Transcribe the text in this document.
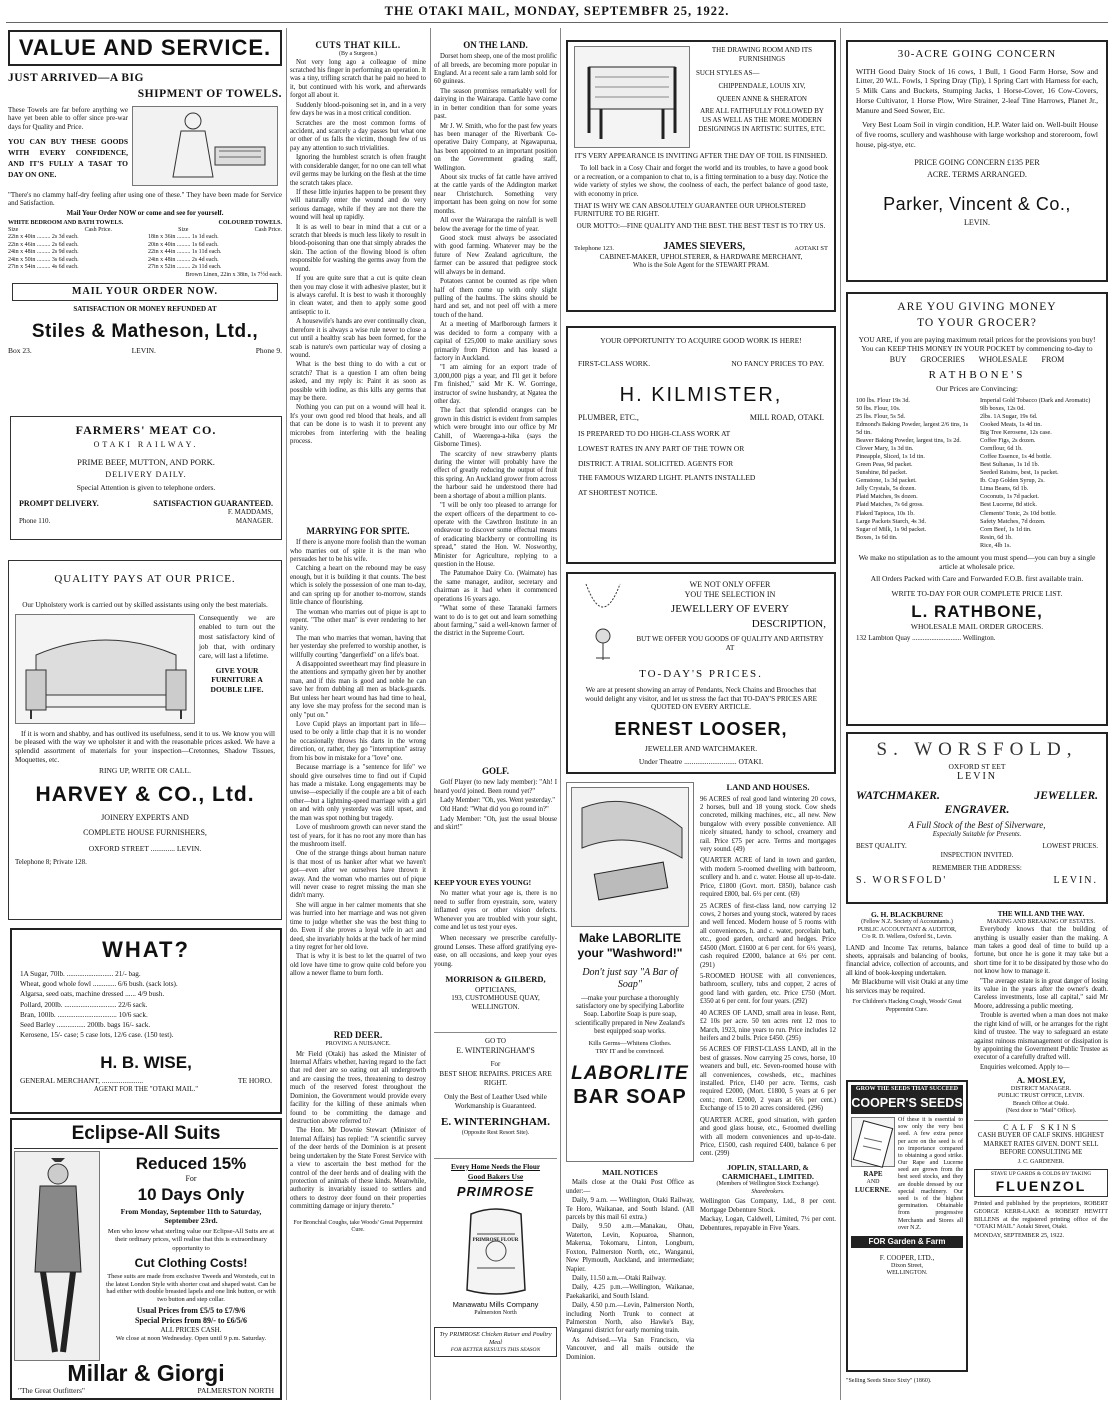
THE OTAKI MAIL, MONDAY, SEPTEMBFR 25, 1922.
VALUE AND SERVICE.
JUST ARRIVED—A BIG
SHIPMENT OF TOWELS.

These Towels are far before anything we have yet been able to offer since pre-war days for Quality and Price.

YOU CAN BUY THESE GOODS WITH EVERY CONFIDENCE, AND IT'S FULLY A TASAT TO DAY ON ONE.

"There's no clammy half-dry feeling after using one of these." They have been made for Service and Satisfaction.

Mail Your Order NOW or come and see for yourself.

WHITE BEDROOM AND BATH TOWELS.	COLOURED TOWELS.
Size	Cash Price.	Size	Cash Price.
22in x 40in ......... 2s 3d each.
22in x 46in ......... 2s 6d each.
24in x 48in ......... 2s 9d each.
24in x 50in ......... 3s 6d each.
27in x 54in ......... 4s 6d each.
18in x 36in ......... 1s 1d each.
20in x 40in ......... 1s 6d each.
22in x 44in ......... 1s 11d each.
24in x 48in ......... 2s 4d each.
27in x 52in ......... 2s 11d each.
Brown Linen, 22in x 38in, 1s 7½d each.
MAIL YOUR ORDER NOW.
SATISFACTION OR MONEY REFUNDED AT
Stiles & Matheson, Ltd.,
Box 23.	LEVIN.	Phone 9.
FARMERS' MEAT CO.
OTAKI RAILWAY.
PRIME BEEF, MUTTON, AND PORK.
DELIVERY DAILY.
Special Attention is given to telephone orders.
PROMPT DELIVERY.	SATISFACTION GUARANTEED.
F. MADDAMS,
Phone 110.	MANAGER.
QUALITY PAYS AT OUR PRICE.

Our Upholstery work is carried out by skilled assistants using only the best materials.

Consequently we are enabled to turn out the most satisfactory kind of job that, with ordinary care, will last a lifetime.

GIVE YOUR FURNITURE A DOUBLE LIFE.

If it is worn and shabby, and has outlived its usefulness, send it to us. We know you will be pleased with the way we upholster it and with the reasonable prices asked. We have a splendid assortment of materials for your inspection—Cretonnes, Shadow Tissues, Moquettes, etc.

RING UP, WRITE OR CALL.
HARVEY & CO., Ltd.
JOINERY EXPERTS AND
COMPLETE HOUSE FURNISHERS,
OXFORD STREET ............. LEVIN.
Telephone 8; Private 128.
WHAT?
1A Sugar, 70lb. .......................... 21/- bag.
Wheat, good whole fowl ............. 6/6 bush. (sack lots).
Algarsa, seed oats, machine dressed ...... 4/9 bush.
Pollard, 200lb. ............................. 22/6 sack.
Bran, 100lb. ................................. 10/6 sack.
Seed Barley ................ 200lb. bags 16/- sack.
Kerosene, 15/- case; 5 case lots, 12/6 case. (150 test).
H. B. WISE,
GENERAL MERCHANT, ......................	TE HORO.
AGENT FOR THE "OTAKI MAIL."
Eclipse-All Suits
Reduced 15%
For
10 Days Only
From Monday, September 11th to Saturday, September 23rd.

Men who know what sterling value our Eclipse-All Suits are at their ordinary prices, will realise that this is extraordinary opportunity to

Cut Clothing Costs!

These suits are made from exclusive Tweeds and Worsteds, cut in the latest London Style with shorter coat and shaped waist. Can be had either with double breasted lapels and one link button, or with two button and step collar.

Usual Prices from £5/5 to £7/9/6
Special Prices from 89/- to £6/5/6
ALL PRICES CASH.
We close at noon Wednesday. Open until 9 p.m. Saturday.
Millar & Giorgi
"The Great Outfitters"	PALMERSTON NORTH
CUTS THAT KILL.
(By a Surgeon.)

Not very long ago a colleague of mine scratched his finger in performing an operation. It was a tiny, trifling scratch that he paid no heed to it, but continued with his work, and afterwards forgot all about it.

Suddenly blood-poisoning set in, and in a very few days he was in a most critical condition.

Scratches are the most common forms of accident, and scarcely a day passes but what one or other of us falls the victim, though few of us pay any attention to such trivialities.

Ignoring the humblest scratch is often fraught with considerable danger, for no one can tell what evil germs may be lurking on the flesh at the time the scratch takes place.

If these little injuries happen to be present they will naturally enter the wound and do very serious damage, while if they are not there the wound will heal up rapidly.

It is as well to bear in mind that a cut or a scratch that bleeds is much less likely to result in blood-poisoning than one that simply abrades the skin. The action of the flowing blood is often responsible for washing the germs away from the wound.

If you are quite sure that a cut is quite clean then you may close it with adhesive plaster, but it is always careful. It is best to wash it thoroughly in clean water, and then to apply some good antiseptic to it.

A housewife's hands are ever continually clean, therefore it is always a wise rule never to close a cut until a healthy scab has been formed, for the scab is nature's own particular way of closing a wound.

What is the best thing to do with a cut or scratch? That is a question I am often being asked, and my reply is: Paint it as soon as possible with iodine, as this kills any germs that may be there.

Nothing you can put on a wound will heal it. It's your own good red blood that heals, and all that can be done is to wash it to prevent any microbes from interfering with the healing process.

MARRYING FOR SPITE.

If there is anyone more foolish than the woman who marries out of spite it is the man who persuades her to be his wife.

Catching a heart on the rebound may be easy enough, but it is building it that counts. The best which is solely the possession of one man to-day, and can spring up for another to-morrow, stands little chance of flourishing.

The woman who marries out of pique is apt to repent. "The other man" is ever rendering to her vanity.

The man who marries that woman, having that her yesterday she preferred to worship another, is willfully courting "dangerfield" on a life's boat.

A disappointed sweetheart may find pleasure in the attentions and sympathy given her by another man, and if this man is good and noble he can save her from dubbing all men as black-guards. But unless her heart wound has had time to heal, any love she may profess for the second man is only "put on."

Love Cupid plays an important part in life—used to be only a little chap that it is no wonder he occasionally throws his darts in the wrong direction, or, rather, they go "interruption" astray from his bow in mistake for a "love" one.

Because marriage is a "sentence for life" we should give ourselves time to find out if Cupid has made a mistake. Long engagements may be unwise—especially if the couple are a bit of each other—but a lightning-speed marriage with a girl on and with only yesterday was still upset, and the man was spot nothing but tragedy.

Love of mushroom growth can never stand the test of years, for it has no root any more than has the mushroom itself.

One of the strange things about human nature is that most of us hanker after what we haven't got—even after we ourselves have thrown it away. And the woman who marries out of pique will never cease to regret missing the man she didn't marry.

She will argue in her calmer moments that she was hurried into her marriage and was not given time to judge whether she was the best thing to do. Even if she proves a loyal wife in act and deed, she invariably holds at the back of her mind a tiny regret for her old love.

That is why it is best to let the quarrel of two old love have time to grow quite cold before you allow a newer flame to burn forth.

RED DEER.
PROVING A NUISANCE.

Mr Field (Otaki) has asked the Minister of Internal Affairs whether, having regard to the fact that red deer are so eating out all undergrowth and are causing the trees, threatening to destroy much of the reserved forest throughout the Dominion, the Government would provide every facility for the killing of these animals when found to be committing the damage and destruction above referred to?

The Hon. Mr Downie Stewart (Minister of Internal Affairs) has replied: "A scientific survey of the deer herds of the Dominion is at present being undertaken by the State Forest Service with a view to ascertain the best method for the control of the deer herds and of dealing with the protection of animals of these kinds. Meanwhile, authority is invariably issued to settlers and others to destroy deer found on their properties committing damage or injury thereto."

For Bronchial Coughs, take Woods' Great Peppermint Cure.
ON THE LAND.

Dorset horn sheep, one of the most prolific of all breeds, are becoming more popular in England. At a recent sale a ram lamb sold for 60 guineas.

The season promises remarkably well for dairying in the Wairarapa. Cattle have come in in better condition than for some years past.

Mr J. W. Smith, who for the past few years has been manager of the Riverbank Co-operative Dairy Company, at Ngawapurua, has been appointed to an important position on the Government grading staff, Wellington.

About six trucks of fat cattle have arrived at the cattle yards of the Addington market near Christchurch. Something very important has been going on now for some months.

All over the Wairarapa the rainfall is well below the average for the time of year.

Good stock must always be associated with good farming. Whatever may be the future of New Zealand agriculture, the farmer can be assured that pedigree stock will always be in demand.

Potatoes cannot be counted as ripe when half of them come up with only slight pulling of the haulms. The skins should be hard and set, and not peel off with a mere touch of the hand.

At a meeting of Marlborough farmers it was decided to form a company with a capital of £25,000 to make auxiliary sows primarily from Picton and has leased a factory in Auckland.

"I am aiming for an export trade of 3,000,000 pigs a year, and I'll get it before I'm finished," said Mr K. W. Gorringe, instructor of swine husbandry, at Ngatea the other day.

The fact that splendid oranges can be grown in this district is evident from samples which were brought into our office by Mr Cahill, of Waerenga-a-hika (says the Gisborne Times).

The scarcity of new strawberry plants during the winter will probably have the effect of greatly reducing the output of fruit this spring. An Auckland grower from across the harbour said he understood there had been a shortage of about a million plants.

"I will be only too pleased to arrange for the expert officers of the department to co-operate with the Cawthron Institute in an endeavour to discover some effectual means of eradicating blackberry or controlling its spread," stated the Hon. W. Nosworthy, Minister for Agriculture, replying to a question in the House.

The Patumahoe Dairy Co. (Waimate) has the same manager, auditor, secretary and chairman as it had when it commenced operations 16 years ago.

"What some of these Taranaki farmers want to do is to get out and learn something about farming," said a well-known farmer of the district in the Supreme Court.

GOLF.

Golf Player (to new lady member): "Ah! I heard you'd joined. Been round yet?"

Lady Member: "Oh, yes. Went yesterday."

Old Hand: "What did you go round in?"

Lady Member: "Oh, just the usual blouse and skirt!"

KEEP YOUR EYES YOUNG!

No matter what your age is, there is no need to suffer from eyestrain, sore, watery inflamed eyes or other vision defects. Whenever you are troubled with your sight, come and let us test your eyes.

When necessary we prescribe carefully-ground Lenses. These afford gratifying eye-ease, on all occasions, and keep your eyes young.

MORRISON & GILBERD,
OPTICIANS,
193, CUSTOMHOUSE QUAY,
WELLINGTON.
GO TO
E. WINTERINGHAM'S
For
BEST SHOE REPAIRS. PRICES ARE RIGHT.
Only the Best of Leather Used while Workmanship is Guaranteed.
E. WINTERINGHAM.
(Opposite Rest Resort Site).
Every Home Needs the Flour
Good Bakers Use
PRIMROSE
PRIMROSE FLOUR
Manawatu Mills Company
Palmerston North
Try PRIMROSE Chicken Raiser and Poultry Meal
FOR BETTER RESULTS THIS SEASON
THE DRAWING ROOM AND ITS FURNISHINGS
SUCH STYLES AS—
CHIPPENDALE, LOUIS XIV,
QUEEN ANNE & SHERATON
ARE ALL FAITHFULLY FOLLOWED BY US AS WELL AS THE MORE MODERN DESIGNINGS IN ARTISTIC SUITES, ETC.
IT'S VERY APPEARANCE IS INVITING AFTER THE DAY OF TOIL IS FINISHED.

To loll back in a Cosy Chair and forget the world and its troubles, to have a good book or a recreation, or a companion to chat to, is a fitting termination to a busy day. Notice the wide variety of styles we show, the coolness of each, the perfect balance of good taste, with economy in price.

THAT IS WHY WE CAN ABSOLUTELY GUARANTEE OUR UPHOLSTERED FURNITURE TO BE RIGHT.
OUR MOTTO:—FINE QUALITY AND THE BEST. THE BEST TEST IS TO TRY US.
Telephone 123.	JAMES SIEVERS,	AOTAKI ST
CABINET-MAKER, UPHOLSTERER, & HARDWARE MERCHANT,
Who is the Sole Agent for the STEWART PRAM.
YOUR OPPORTUNITY TO ACQUIRE GOOD WORK IS HERE!
FIRST-CLASS WORK.	NO FANCY PRICES TO PAY.
H. KILMISTER,
PLUMBER, ETC.,	MILL ROAD, OTAKI.
IS PREPARED TO DO HIGH-CLASS WORK AT
LOWEST RATES IN ANY PART OF THE TOWN OR
DISTRICT. A TRIAL SOLICITED. AGENTS FOR
THE FAMOUS WIZARD LIGHT. PLANTS INSTALLED
AT SHORTEST NOTICE.
WE NOT ONLY OFFER
YOU THE SELECTION IN
JEWELLERY OF EVERY
DESCRIPTION,
BUT WE OFFER YOU GOODS OF QUALITY AND ARTISTRY AT
TO-DAY'S PRICES.

We are at present showing an array of Pendants, Neck Chains and Brooches that would delight any visitor, and let us stress the fact that TO-DAY'S PRICES ARE QUOTED ON EVERY ARTICLE.

ERNEST LOOSER,
JEWELLER AND WATCHMAKER.
Under Theatre ............................ OTAKI.
Make LABORLITE
your "Washword!"
Don't just say "A Bar of Soap"

—make your purchase a thoroughly satisfactory one by specifying Laborlite Soap. Laborlite Soap is pure soap, scientifically prepared in New Zealand's best equipped soap works.

Kills Germs—Whitens Clothes.
TRY IT and be convinced.
LABORLITE
BAR SOAP
MAIL NOTICES

Mails close at the Otaki Post Office as under:—

Daily, 9 a.m. — Wellington, Otaki Railway, Te Horo, Waikanae, and South Island. (All parcels by this mail 61 extra.)

Daily, 9.50 a.m.—Manakau, Ohau, Waterton, Levin, Kopuaroa, Shannon, Makerua, Tokomaru, Linton, Longburn, Foxton, Palmerston North, etc., Wanganui, New Plymouth, Auckland, and intermediate; Napier.

Daily, 11.50 a.m.—Otaki Railway.

Daily, 4.25 p.m.—Wellington, Waikanae, Paekakariki, and South Island.

Daily, 4.50 p.m.—Levin, Palmerston North, including North Trunk to connect at Palmerston North, also Hawke's Bay, Wanganui district for early morning train.

As Advised.—Via San Francisco, via Vancouver, and all mails outside the Dominion.

LAND AND HOUSES.

96 ACRES of real good land wintering 20 cows, 2 horses, bull and 18 young stock. Cow sheds concreted, milking machines, etc., all new. New bungalow with every possible convenience. All nicely situated, handy to school, creamery and rail. Price £75 per acre. Terms and mortgages very sound. (49)

QUARTER ACRE of land in town and garden, with modern 5-roomed dwelling with bathroom, scullery and h. and c. water. House all up-to-date. Price, £1800 (Govt. mort. £850), balance cash required £800, bal. 6½ per cent. (69)

25 ACRES of first-class land, now carrying 12 cows, 2 horses and young stock, watered by races and well fenced. Modern house of 5 rooms with all conveniences, h. and c. water, porcelain bath, etc., good garden, orchard and hedges. Price £4500 (Mort. £1600 at 6 per cent. for 6½ years), cash required £2000, balance at 6½ per cent. (291)

5-ROOMED HOUSE with all conveniences, bathroom, scullery, tubs and copper, 2 acres of good land with garden, etc. Price £750 (Mort. £350 at 6 per cent. for four years. (292)

40 ACRES OF LAND, small area in lease. Rent, £2 10s per acre. 50 ten acres rent 12 mos to March, 1923, nine years to run. Price includes 12 heifers and 2 bulls. Price £450. (295)

56 ACRES OF FIRST-CLASS LAND, all in the best of grasses. Now carrying 25 cows, horse, 10 weaners and bull, etc. Seven-roomed house with all conveniences, cowsheds, etc., machines installed. Price, £140 per acre. Terms, cash required £2000, (Mort. £1800, 5 years at 6 per cent.; mort. £2000, 2 years at 6¾ per cent.) Exchange of 15 to 20 acres considered. (296)

QUARTER ACRE, good situation, with garden and good glass house, etc., 6-roomed dwelling with all modern conveniences and up-to-date. Price, £1500, cash required £400, balance 6 per cent. (299)

JOPLIN, STALLARD, & CARMICHAEL, LIMITED.
(Members of Wellington Stock Exchange).
Sharebrokers.

Wellington Gas Company, Ltd., 8 per cent. Mortgage Debenture Stock.

Mackay, Logan, Caldwell, Limited, 7½ per cent. Debentures, repayable in Five Years.

30-ACRE GOING CONCERN

WITH Good Dairy Stock of 16 cows, 1 Bull, 1 Good Farm Horse, Sow and Litter, 20 W.L. Fowls, 1 Spring Dray (Tip), 1 Spring Cart with Harness for each, 5 Milk Cans and Buckets, Stumping Jacks, 1 Horse-Cover, 16 Cow-Covers, Horse Cultivator, 1 Horse Plow, Wire Strainer, 2-leaf Tine Harrows, Planet Jr., Manure and Seed Sower, Etc.

Very Best Loam Soil in virgin condition, H.P. Water laid on. Well-built House of five rooms, scullery and washhouse with large workshop and storeroom, fowl house, pig-stye, etc.

PRICE GOING CONCERN £135 PER
ACRE. TERMS ARRANGED.
Parker, Vincent & Co.,
LEVIN.
ARE YOU GIVING MONEY
TO YOUR GROCER?

YOU ARE, if you are paying maximum retail prices for the provisions you buy! You can KEEP THIS MONEY IN YOUR POCKET by commencing to-day to

BUY GROCERIES WHOLESALE FROM
RATHBONE'S
Our Prices are Convincing:
100 lbs. Flour 19s 3d.
50 lbs. Flour, 10s.
25 lbs. Flour, 5s 5d.
Edmond's Baking Powder, largest 2/6 tins, 1s 5d tin.
Beaver Baking Powder, largest tins, 1s 2d.
Clover Mary, 1s 3d tin.
Pineapple, Sliced, 1s 1d tin.
Green Peas, 9d packet.
Sunshine, 8d packet.
Gemstone, 1s 3d packet.
Jelly Crystals, 5s dozen.
Plaid Matches, 9s dozen.
Plaid Matches, 7s 6d gross.
Flaked Tapioca, 10s 1b.
Large Packets Starch, 4s 3d.
Sugar of Milk, 1s 9d packet.
Boxes, 1s 6d tin.
Imperial Gold Tobacco (Dark and Aromatic) 9lb boxes, 12s 0d.
2lbs. 1A Sugar, 19s 6d.
Cooked Meats, 1s 4d tin.
Big Tree Kerosene, 12s case.
Coffee Figs, 2s dozen.
Cornflour, 6d 1b.
Coffee Essence, 1s 4d bottle.
Best Sultanas, 1s 1d 1b.
Seeded Raisins, best, 1s packet.
Ib. Cup Golden Syrup, 2s.
Lima Beans, 6d 1b.
Coconuts, 1s 7d packet.
Best Lucerne, 8d stick.
Clements' Tonic, 2s 10d bottle.
Safety Matches, 7d dozen.
Corn Beef, 1s 1d tin.
Resin, 6d 1b.
Rice, 4lb 1s.

We make no stipulation as to the amount you must spend—you can buy a single article at wholesale price.

All Orders Packed with Care and Forwarded F.O.B. first available train.

WRITE TO-DAY FOR OUR COMPLETE PRICE LIST.
L. RATHBONE,
WHOLESALE MAIL ORDER GROCERS.
132 Lambton Quay ............................ Wellington.
S. WORSFOLD,
OXFORD ST EET
LEVIN
WATCHMAKER.	JEWELLER.
ENGRAVER.
A Full Stock of the Best of Silverware,
Especially Suitable for Presents.
BEST QUALITY.	LOWEST PRICES.
INSPECTION INVITED.
REMEMBER THE ADDRESS:
S. WORSFOLD'	LEVIN.
G. H. BLACKBURNE
(Fellow N.Z. Society of Accountants.)
PUBLIC ACCOUNTANT & AUDITOR,
C/o R. D. Wellens, Oxford St., Levin.

LAND and Income Tax returns, balance sheets, appraisals and balancing of books, financial advice, collection of accounts, and all kind of book-keeping undertaken.

Mr Blackburne will visit Otaki at any time his services may be required.

For Children's Hacking Cough, Woods' Great Peppermint Cure.
GROW THE SEEDS THAT SUCCEED
COOPER'S SEEDS
RAPE
AND
LUCERNE.

Of these it is essential to sow only the very best seed. A few extra pence per acre on the seed is of no importance compared to obtaining a good strike. Our Rape and Lucerne seed are grown from the best seed stocks, and they are double dressed by our special machinery. Our seed is of the highest germination. Obtainable from progressive Merchants and Stores all over N.Z.

FOR Garden & Farm
F. COOPER, LTD.,
Dixon Street,
WELLINGTON.
"Selling Seeds Since Sixty" (1860).
THE WILL AND THE WAY.
MAKING AND BREAKING OF ESTATES.

Everybody knows that the building of anything is usually easier than the making. A man takes a good deal of time to build up a fortune, but once he is gone it may take but a short time for it to be dissipated by those who do not know how to manage it.

"The average estate is in great danger of losing its value in the years after the owner's death. Careless investments, lose all capital," said Mr Moore, addressing a public meeting.

Trouble is averted when a man does not make the right kind of will, or he arranges for the right kind of trustee. The way to safeguard an estate against ruinous mismanagement or dissipation is by appointing the Government Public Trustee as executor of a carefully drafted will.

Enquiries welcomed. Apply to—

A. MOSLEY,
DISTRICT MANAGER.
PUBLIC TRUST OFFICE, LEVIN.
Branch Office at Otaki.
(Next door to "Mail" Office).
CALF SKINS

CASH BUYER OF CALF SKINS. HIGHEST MARKET RATES GIVEN. DON'T SELL BEFORE CONSULTING ME

J. C. GARDENER.
STAVE UP GARDS & COLDS BY TAKING
FLUENZOL

Printed and published by the proprietors, ROBERT GEORGE KERR-LAKE & ROBERT HEWITT BILLENS at the registered printing office of the "OTAKI MAIL" Aotaki Street, Otaki.

MONDAY, SEPTEMBER 25, 1922.
